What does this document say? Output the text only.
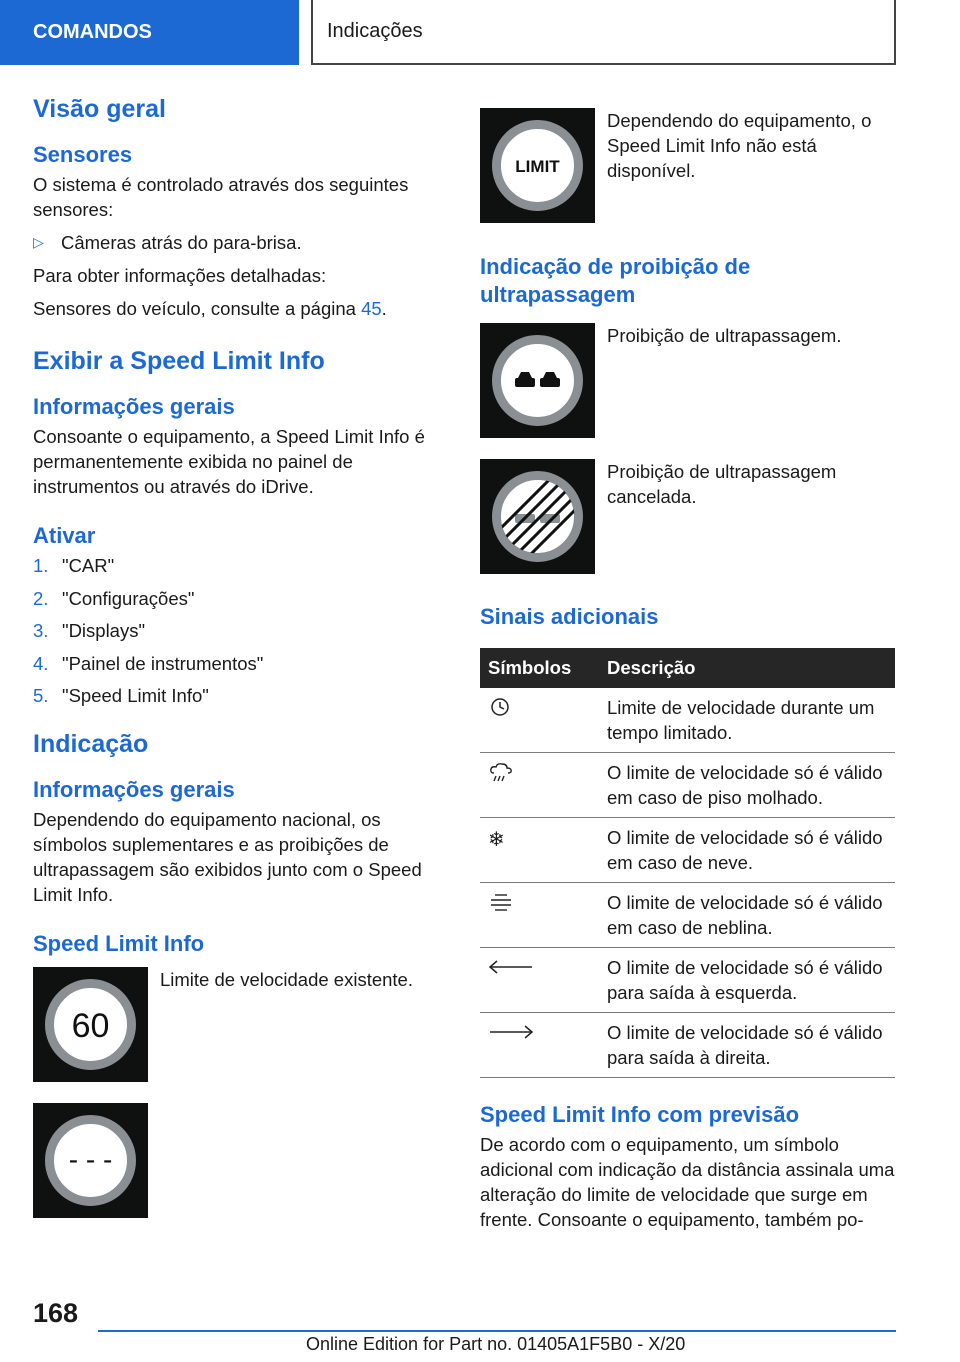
COMANDOS	Indicações
Visão geral
Sensores

O sistema é controlado através dos seguintes sensores:

▷ Câmeras atrás do para-brisa.

Para obter informações detalhadas:

Sensores do veículo, consulte a página 45.

Exibir a Speed Limit Info
Informações gerais

Consoante o equipamento, a Speed Limit Info é permanentemente exibida no painel de instrumentos ou através do iDrive.

Ativar
1. "CAR"
2. "Configurações"
3. "Displays"
4. "Painel de instrumentos"
5. "Speed Limit Info"
Indicação
Informações gerais

Dependendo do equipamento nacional, os símbolos suplementares e as proibições de ultrapassagem são exibidos junto com o Speed Limit Info.

Speed Limit Info
60
Limite de velocidade existente.
- - -
LIMIT
Dependendo do equipamento, o Speed Limit Info não está disponível.
Indicação de proibição de ultrapassagem
Proibição de ultrapassagem.
Proibição de ultrapassagem cancelada.
Sinais adicionais
Símbolos	Descrição
	Limite de velocidade durante um tempo limitado.
	O limite de velocidade só é válido em caso de piso molhado.
❄	O limite de velocidade só é válido em caso de neve.
	O limite de velocidade só é válido em caso de neblina.
	O limite de velocidade só é válido para saída à esquerda.
	O limite de velocidade só é válido para saída à direita.
Speed Limit Info com previsão

De acordo com o equipamento, um símbolo adicional com indicação da distância assinala uma alteração do limite de velocidade que surge em frente. Consoante o equipamento, também po-

168
Online Edition for Part no. 01405A1F5B0 - X/20
